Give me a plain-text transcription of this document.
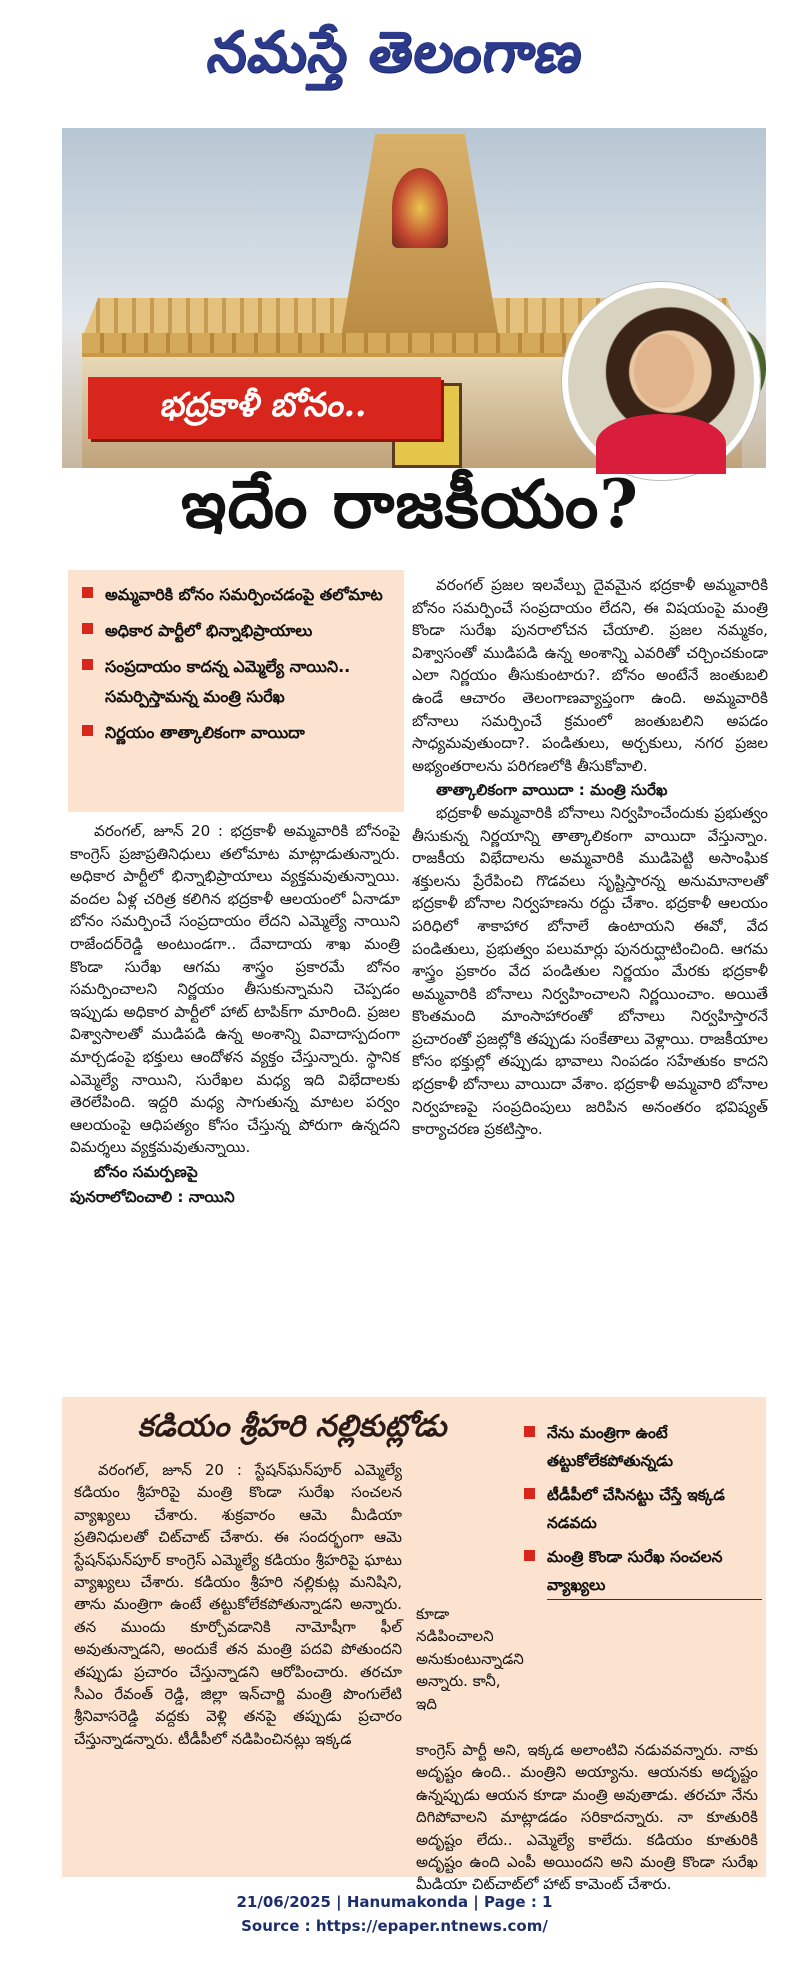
నమస్తే తెలంగాణ
భద్రకాళీ బోనం..
ఇదేం రాజకీయం?

అమ్మవారికి బోనం సమర్పించడంపై తలోమాట

అధికార పార్టీలో భిన్నాభిప్రాయాలు

సంప్రదాయం కాదన్న ఎమ్మెల్యే నాయిని.. సమర్పిస్తామన్న మంత్రి సురేఖ

నిర్ణయం తాత్కాలికంగా వాయిదా

వరంగల్, జూన్ 20 : భద్రకాళీ అమ్మవారికి బోనంపై కాంగ్రెస్ ప్రజాప్రతినిధులు తలోమాట మాట్లాడుతున్నారు. అధికార పార్టీలో భిన్నాభిప్రాయాలు వ్యక్తమవుతున్నాయి. వందల ఏళ్ల చరిత్ర కలిగిన భద్రకాళీ ఆలయంలో ఏనాడూ బోనం సమర్పించే సంప్రదాయం లేదని ఎమ్మెల్యే నాయిని రాజేందర్‌రెడ్డి అంటుండగా.. దేవాదాయ శాఖ మంత్రి కొండా సురేఖ ఆగమ శాస్త్రం ప్రకారమే బోనం సమర్పించాలని నిర్ణయం తీసుకున్నామని చెప్పడం ఇప్పుడు అధికార పార్టీలో హాట్ టాపిక్‌గా మారింది. ప్రజల విశ్వాసాలతో ముడిపడి ఉన్న అంశాన్ని వివాదాస్పదంగా మార్చడంపై భక్తులు ఆందోళన వ్యక్తం చేస్తున్నారు. స్థానిక ఎమ్మెల్యే నాయిని, సురేఖల మధ్య ఇది విభేదాలకు తెరలేపింది. ఇద్దరి మధ్య సాగుతున్న మాటల పర్వం ఆలయంపై ఆధిపత్యం కోసం చేస్తున్న పోరుగా ఉన్నదని విమర్శలు వ్యక్తమవుతున్నాయి.

బోనం సమర్పణపై

పునరాలోచించాలి : నాయిని

వరంగల్ ప్రజల ఇలవేల్పు దైవమైన భద్రకాళీ అమ్మవారికి బోనం సమర్పించే సంప్రదాయం లేదని, ఈ విషయంపై మంత్రి కొండా సురేఖ పునరాలోచన చేయాలి. ప్రజల నమ్మకం, విశ్వాసంతో ముడిపడి ఉన్న అంశాన్ని ఎవరితో చర్చించకుండా ఎలా నిర్ణయం తీసుకుంటారు?. బోనం అంటేనే జంతుబలి ఉండే ఆచారం తెలంగాణవ్యాప్తంగా ఉంది. అమ్మవారికి బోనాలు సమర్పించే క్రమంలో జంతుబలిని అపడం సాధ్యమవుతుందా?. పండితులు, అర్చకులు, నగర ప్రజల అభ్యంతరాలను పరిగణలోకి తీసుకోవాలి.

తాత్కాలికంగా వాయిదా : మంత్రి సురేఖ

భద్రకాళీ అమ్మవారికి బోనాలు నిర్వహించేందుకు ప్రభుత్వం తీసుకున్న నిర్ణయాన్ని తాత్కాలికంగా వాయిదా వేస్తున్నాం. రాజకీయ విభేదాలను అమ్మవారికి ముడిపెట్టి అసాంఘిక శక్తులను ప్రేరేపించి గొడవలు సృష్టిస్తారన్న అనుమానాలతో భద్రకాళీ బోనాల నిర్వహణను రద్దు చేశాం. భద్రకాళీ ఆలయం పరిధిలో శాకాహార బోనాలే ఉంటాయని ఈవో, వేద పండితులు, ప్రభుత్వం పలుమార్లు పునరుద్ఘాటించింది. ఆగమ శాస్త్రం ప్రకారం వేద పండితుల నిర్ణయం మేరకు భద్రకాళీ అమ్మవారికి బోనాలు నిర్వహించాలని నిర్ణయించాం. అయితే కొంతమంది మాంసాహారంతో బోనాలు నిర్వహిస్తారనే ప్రచారంతో ప్రజల్లోకి తప్పుడు సంకేతాలు వెళ్లాయి. రాజకీయాల కోసం భక్తుల్లో తప్పుడు భావాలు నింపడం సహేతుకం కాదని భద్రకాళీ బోనాలు వాయిదా వేశాం. భద్రకాళీ అమ్మవారి బోనాల నిర్వహణపై సంప్రదింపులు జరిపిన అనంతరం భవిష్యత్ కార్యాచరణ ప్రకటిస్తాం.

కడియం శ్రీహరి నల్లికుట్లోడు	నేను మంత్రిగా ఉంటే తట్టుకోలేకపోతున్నడు

టీడీపీలో చేసినట్టు చేస్తే ఇక్కడ నడవదు

మంత్రి కొండా సురేఖ సంచలన వ్యాఖ్యలు

వరంగల్, జూన్ 20 : స్టేషన్‌ఘన్‌పూర్ ఎమ్మెల్యే కడియం శ్రీహరిపై మంత్రి కొండా సురేఖ సంచలన వ్యాఖ్యలు చేశారు. శుక్రవారం ఆమె మీడియా ప్రతినిధులతో చిట్‌చాట్ చేశారు. ఈ సందర్భంగా ఆమె స్టేషన్‌ఘన్‌పూర్ కాంగ్రెస్ ఎమ్మెల్యే కడియం శ్రీహరిపై ఘాటు వ్యాఖ్యలు చేశారు. కడియం శ్రీహరి నల్లికుట్ల మనిషిని, తాను మంత్రిగా ఉంటే తట్టుకోలేకపోతున్నాడని అన్నారు. తన ముందు కూర్చోవడానికి నామోషీగా ఫీల్ అవుతున్నాడని, అందుకే తన మంత్రి పదవి పోతుందని తప్పుడు ప్రచారం చేస్తున్నాడని ఆరోపించారు. తరచూ సీఎం రేవంత్ రెడ్డి, జిల్లా ఇన్‌చార్జి మంత్రి పొంగులేటి శ్రీనివాసరెడ్డి వద్దకు వెళ్లి తనపై తప్పుడు ప్రచారం చేస్తున్నాడన్నారు. టీడీపీలో నడిపించినట్లు ఇక్కడ
కూడా నడిపించాలని అనుకుంటున్నాడని అన్నారు. కానీ, ఇది
కాంగ్రెస్ పార్టీ అని, ఇక్కడ అలాంటివి నడువవన్నారు. నాకు అదృష్టం ఉంది.. మంత్రిని అయ్యాను. ఆయనకు అదృష్టం ఉన్నప్పుడు ఆయన కూడా మంత్రి అవుతాడు. తరచూ నేను దిగిపోవాలని మాట్లాడడం సరికాదన్నారు. నా కూతురికి అదృష్టం లేదు.. ఎమ్మెల్యే కాలేదు. కడియం కూతురికి అదృష్టం ఉంది ఎంపీ అయిందని అని మంత్రి కొండా సురేఖ మీడియా చిట్‌చాట్‌లో హాట్ కామెంట్ చేశారు.
21/06/2025 | Hanumakonda | Page : 1
Source : https://epaper.ntnews.com/
